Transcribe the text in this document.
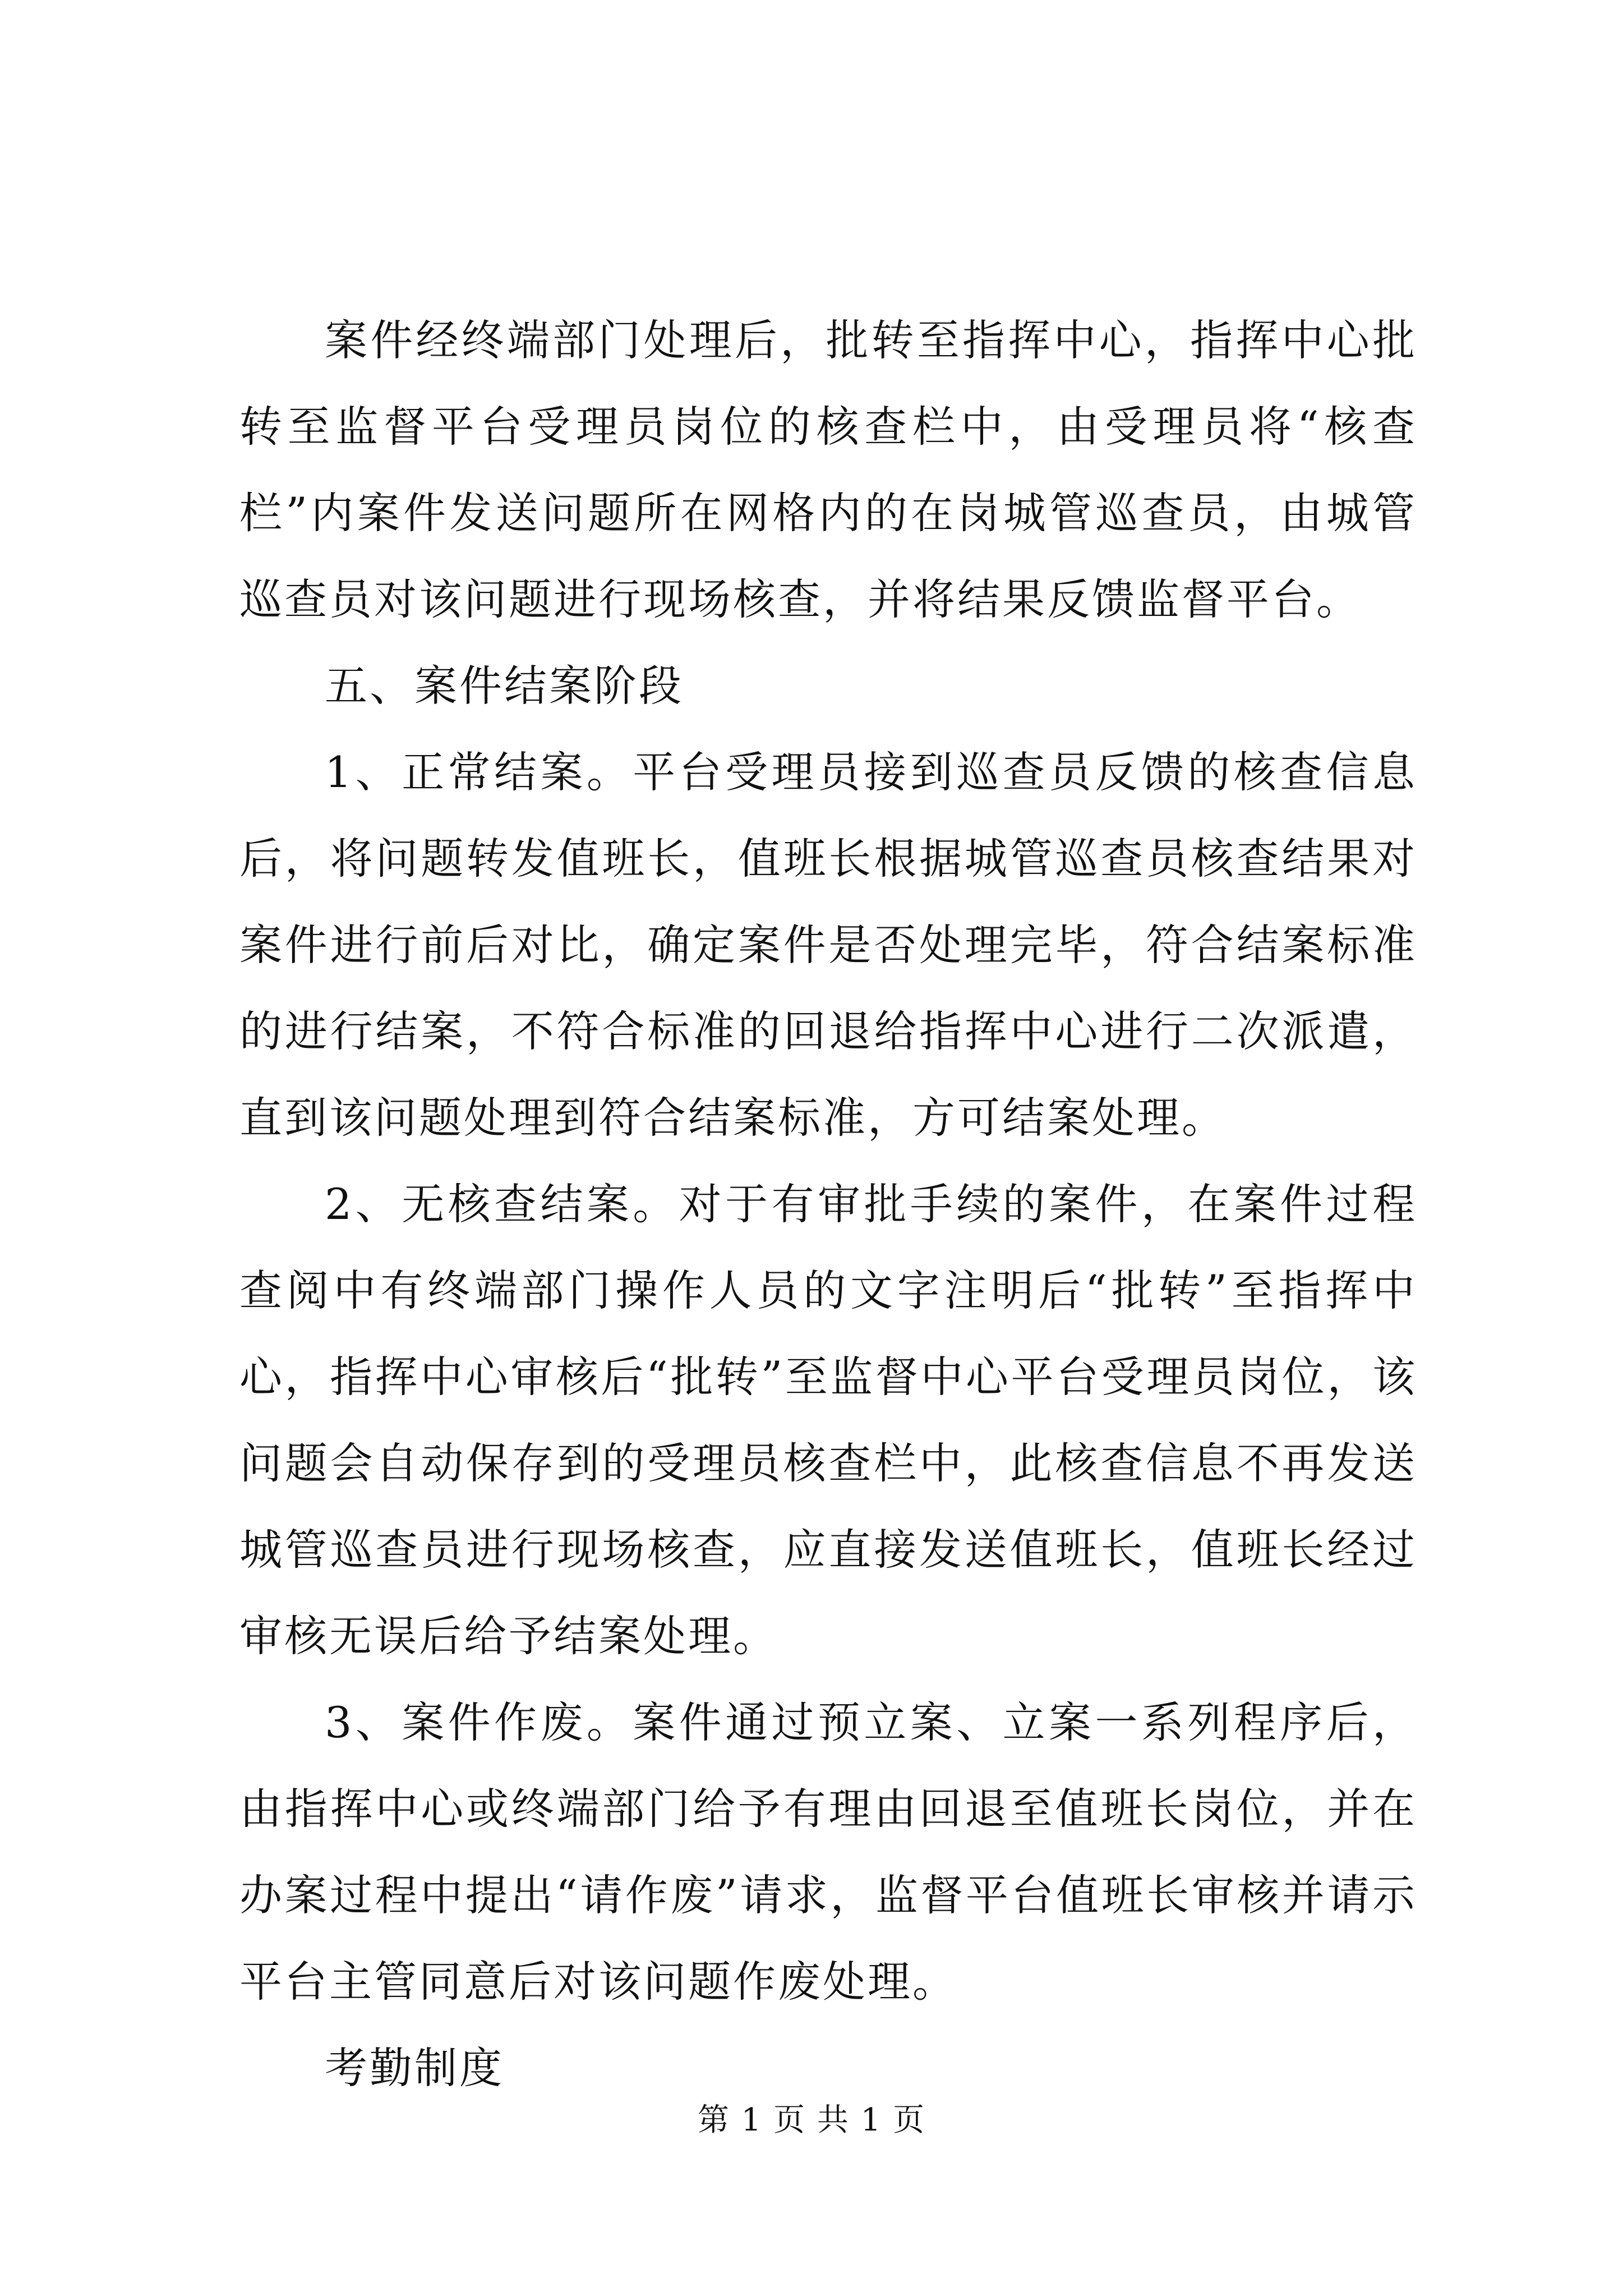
案件经终端部门处理后，批转至指挥中心，指挥中心批转至监督平台受理员岗位的核查栏中，由受理员将“核查栏”内案件发送问题所在网格内的在岗城管巡查员，由城管巡查员对该问题进行现场核查，并将结果反馈监督平台。

五、案件结案阶段

1、正常结案。平台受理员接到巡查员反馈的核查信息后，将问题转发值班长，值班长根据城管巡查员核查结果对案件进行前后对比，确定案件是否处理完毕，符合结案标准的进行结案，不符合标准的回退给指挥中心进行二次派遣，直到该问题处理到符合结案标准，方可结案处理。

2、无核查结案。对于有审批手续的案件，在案件过程查阅中有终端部门操作人员的文字注明后“批转”至指挥中心，指挥中心审核后“批转”至监督中心平台受理员岗位，该问题会自动保存到的受理员核查栏中，此核查信息不再发送城管巡查员进行现场核查，应直接发送值班长，值班长经过审核无误后给予结案处理。

3、案件作废。案件通过预立案、立案一系列程序后，由指挥中心或终端部门给予有理由回退至值班长岗位，并在办案过程中提出“请作废”请求，监督平台值班长审核并请示平台主管同意后对该问题作废处理。

考勤制度

第 1 页 共 1 页
